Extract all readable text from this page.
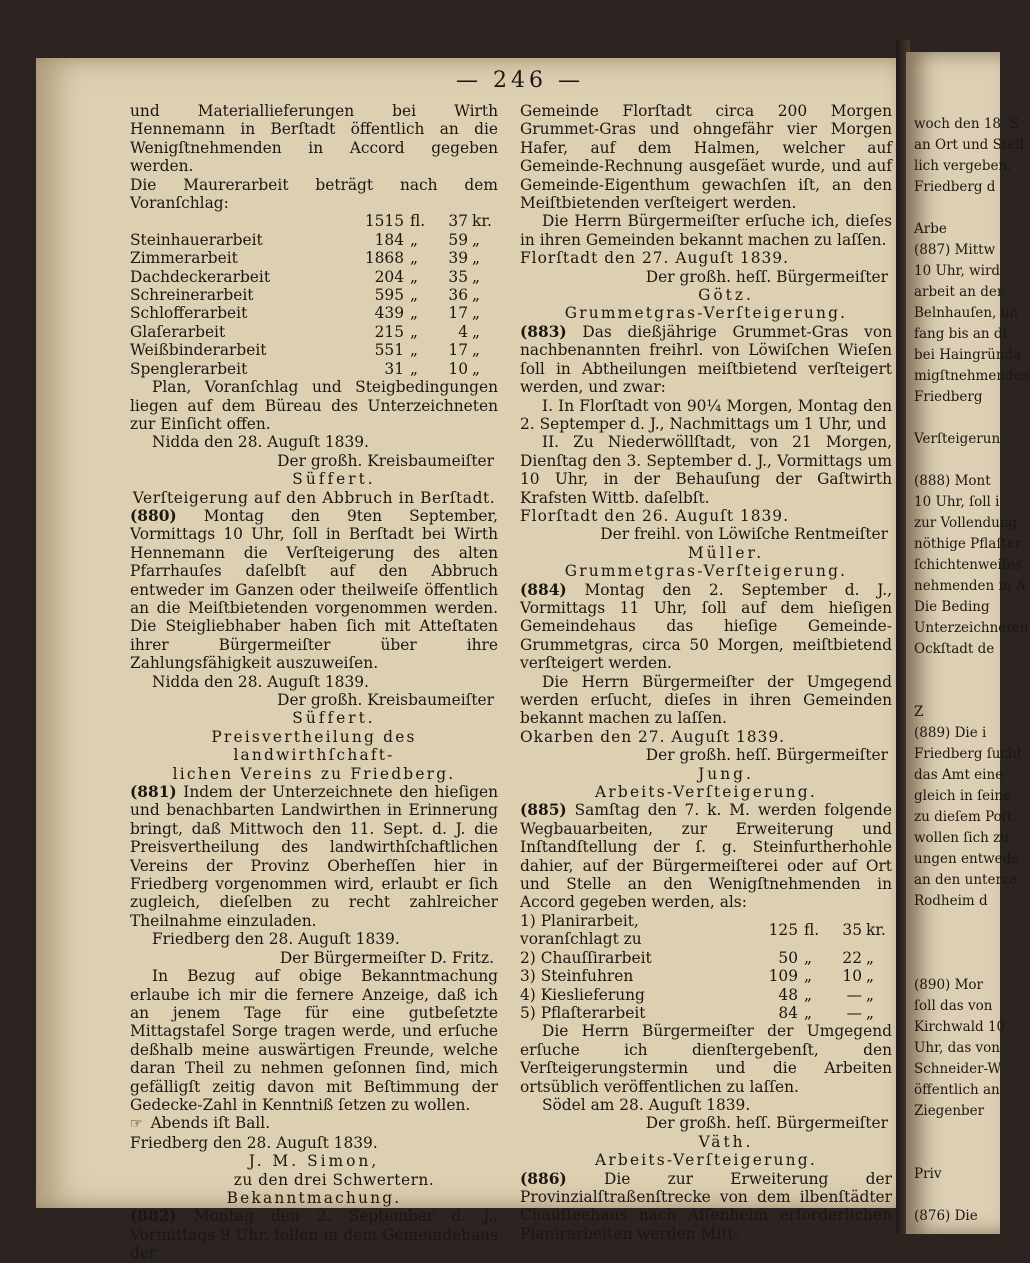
woch den 18. S
an Ort und Stell
lich vergeben.
Friedberg d
Arbe
(887) Mittw
10 Uhr, wird
arbeit an der
Belnhauſen, un
fang bis an di
bei Haingründa
migſtnehmenden
Friedberg
Verſteigerun
(888) Mont
10 Uhr, ſoll i
zur Vollendung
nöthige Pflaſter
ſchichtenweiſes
nehmenden in A
Die Beding
Unterzeichneten
Ockſtadt de
Z
(889) Die i
Friedberg ſucht
das Amt eine
gleich in ſeine
zu dieſem Poſt
wollen ſich zu
ungen entwede
an den unterze
Rodheim d
(890) Mor
ſoll das von
Kirchwald 10
Uhr, das von
Schneider-W
öffentlich an
Ziegenber
Priv
(876) Die
— 246 —

und Materiallieferungen bei Wirth Hennemann in Berſtadt öffentlich an die Wenigſtnehmenden in Accord gegeben werden.

Die Maurerarbeit beträgt nach dem Voranſchlag:

	1515	fl.	37	kr.
Steinhauerarbeit	184	„	59	„
Zimmerarbeit	1868	„	39	„
Dachdeckerarbeit	204	„	35	„
Schreinerarbeit	595	„	36	„
Schlofferarbeit	439	„	17	„
Glaſerarbeit	215	„	4	„
Weißbinderarbeit	551	„	17	„
Spenglerarbeit	31	„	10	„

Plan, Voranſchlag und Steigbedingungen liegen auf dem Büreau des Unterzeichneten zur Einſicht offen.

Nidda den 28. Auguſt 1839.

Der großh. Kreisbaumeiſter

Süffert.

Verſteigerung auf den Abbruch in Berſtadt.

(880) Montag den 9ten September, Vormittags 10 Uhr, ſoll in Berſtadt bei Wirth Hennemann die Verſteigerung des alten Pfarrhauſes daſelbſt auf den Abbruch entweder im Ganzen oder theilweiſe öffentlich an die Meiſtbietenden vorgenommen werden. Die Steigliebhaber haben ſich mit Atteſtaten ihrer Bürgermeiſter über ihre Zahlungsfähigkeit auszuweiſen.

Nidda den 28. Auguſt 1839.

Der großh. Kreisbaumeiſter

Süffert.

Preisvertheilung des landwirthſchaft-

lichen Vereins zu Friedberg.

(881) Indem der Unterzeichnete den hieſigen und benachbarten Landwirthen in Erinnerung bringt, daß Mittwoch den 11. Sept. d. J. die Preisvertheilung des landwirthſchaftlichen Vereins der Provinz Oberheſſen hier in Friedberg vorgenommen wird, erlaubt er ſich zugleich, dieſelben zu recht zahlreicher Theilnahme einzuladen.

Friedberg den 28. Auguſt 1839.

Der Bürgermeiſter D. Fritz.

In Bezug auf obige Bekanntmachung erlaube ich mir die fernere Anzeige, daß ich an jenem Tage für eine gutbeſetzte Mittagstafel Sorge tragen werde, und erſuche deßhalb meine auswärtigen Freunde, welche daran Theil zu nehmen geſonnen ſind, mich gefälligſt zeitig davon mit Beſtimmung der Gedecke-Zahl in Kenntniß ſetzen zu wollen.

☞ Abends iſt Ball.

Friedberg den 28. Auguſt 1839.

J. M. Simon,

zu den drei Schwertern.

Bekanntmachung.

(882) Montag den 2. September d. J., Vormittags 9 Uhr, ſollen in dem Gemeindehaus der

Gemeinde Florſtadt circa 200 Morgen Grummet-Gras und ohngefähr vier Morgen Hafer, auf dem Halmen, welcher auf Gemeinde-Rechnung ausgeſäet wurde, und auf Gemeinde-Eigenthum gewachſen iſt, an den Meiſtbietenden verſteigert werden.

Die Herrn Bürgermeiſter erſuche ich, dieſes in ihren Gemeinden bekannt machen zu laſſen.

Florſtadt den 27. Auguſt 1839.

Der großh. heſſ. Bürgermeiſter

Götz.

Grummetgras-Verſteigerung.

(883) Das dießjährige Grummet-Gras von nachbenannten freihrl. von Löwiſchen Wieſen ſoll in Abtheilungen meiſtbietend verſteigert werden, und zwar:

I. In Florſtadt von 90¼ Morgen, Montag den 2. Septemper d. J., Nachmittags um 1 Uhr, und

II. Zu Niederwöllſtadt, von 21 Morgen, Dienſtag den 3. September d. J., Vormittags um 10 Uhr, in der Behauſung der Gaſtwirth Krafsten Wittb. daſelbſt.

Florſtadt den 26. Auguſt 1839.

Der freihl. von Löwiſche Rentmeiſter

Müller.

Grummetgras-Verſteigerung.

(884) Montag den 2. September d. J., Vormittags 11 Uhr, ſoll auf dem hieſigen Gemeindehaus das hieſige Gemeinde-Grummetgras, circa 50 Morgen, meiſtbietend verſteigert werden.

Die Herrn Bürgermeiſter der Umgegend werden erſucht, dieſes in ihren Gemeinden bekannt machen zu laſſen.

Okarben den 27. Auguſt 1839.

Der großh. heſſ. Bürgermeiſter

Jung.

Arbeits-Verſteigerung.

(885) Samſtag den 7. k. M. werden folgende Wegbauarbeiten, zur Erweiterung und Inſtandſtellung der ſ. g. Steinfurtherhohle dahier, auf der Bürgermeiſterei oder auf Ort und Stelle an den Wenigſtnehmenden in Accord gegeben werden, als:

1) Planirarbeit, voranſchlagt zu	125	fl.	35	kr.
2) Chauſſirarbeit	50	„	22	„
3) Steinfuhren	109	„	10	„
4) Kieslieferung	48	„	—	„
5) Pflaſterarbeit	84	„	—	„

Die Herrn Bürgermeiſter der Umgegend erſuche ich dienſtergebenſt, den Verſteigerungstermin und die Arbeiten ortsüblich veröffentlichen zu laſſen.

Södel am 28. Auguſt 1839.

Der großh. heſſ. Bürgermeiſter

Väth.

Arbeits-Verſteigerung.

(886) Die zur Erweiterung der Provinzialſtraßenſtrecke von dem ilbenſtädter Chauſſeehaus nach Aſſenheim erforderlichen Planirarbeiten werden Mitt-
